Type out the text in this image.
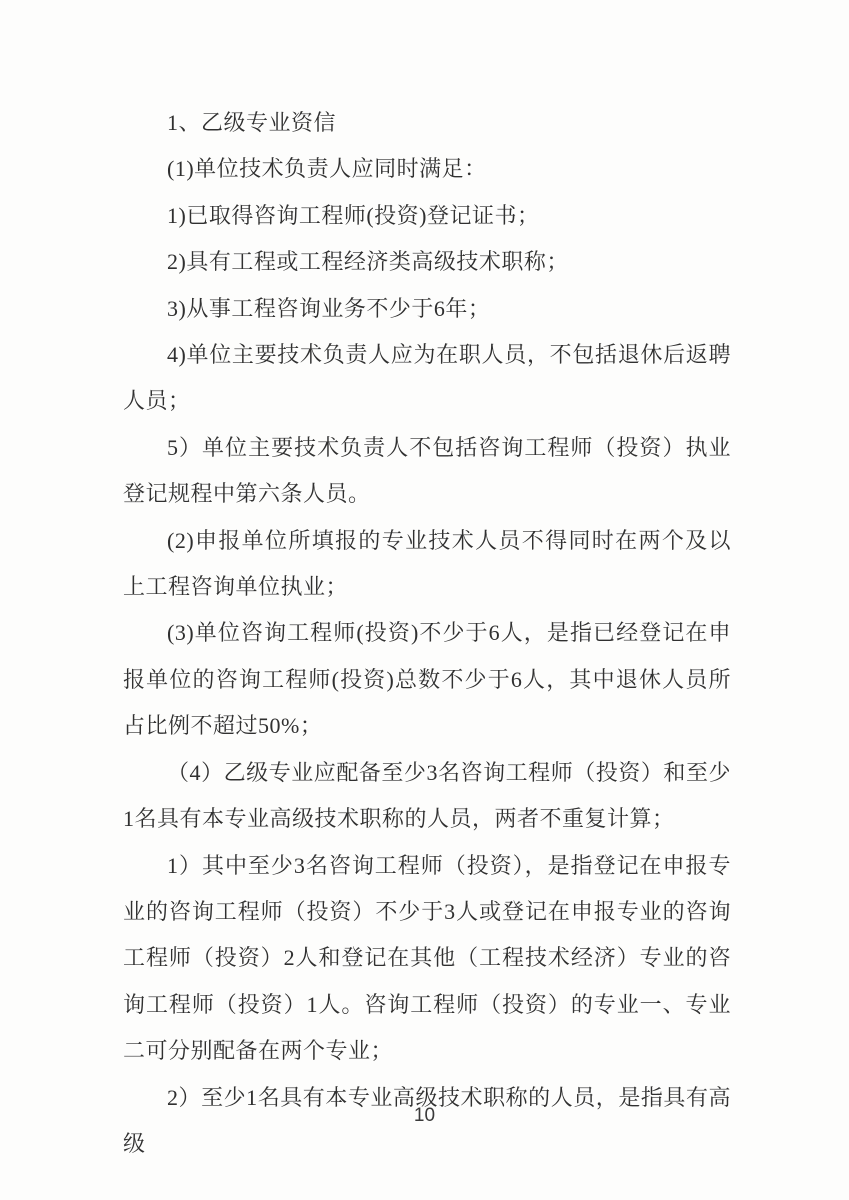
1、乙级专业资信

(1)单位技术负责人应同时满足：

1)已取得咨询工程师(投资)登记证书；

2)具有工程或工程经济类高级技术职称；

3)从事工程咨询业务不少于6年；

4)单位主要技术负责人应为在职人员，不包括退休后返聘人员；

5）单位主要技术负责人不包括咨询工程师（投资）执业登记规程中第六条人员。

(2)申报单位所填报的专业技术人员不得同时在两个及以上工程咨询单位执业；

(3)单位咨询工程师(投资)不少于6人，是指已经登记在申报单位的咨询工程师(投资)总数不少于6人，其中退休人员所占比例不超过50%；

（4）乙级专业应配备至少3名咨询工程师（投资）和至少1名具有本专业高级技术职称的人员，两者不重复计算；

1）其中至少3名咨询工程师（投资），是指登记在申报专业的咨询工程师（投资）不少于3人或登记在申报专业的咨询工程师（投资）2人和登记在其他（工程技术经济）专业的咨询工程师（投资）1人。咨询工程师（投资）的专业一、专业二可分别配备在两个专业；

2）至少1名具有本专业高级技术职称的人员，是指具有高级

10
